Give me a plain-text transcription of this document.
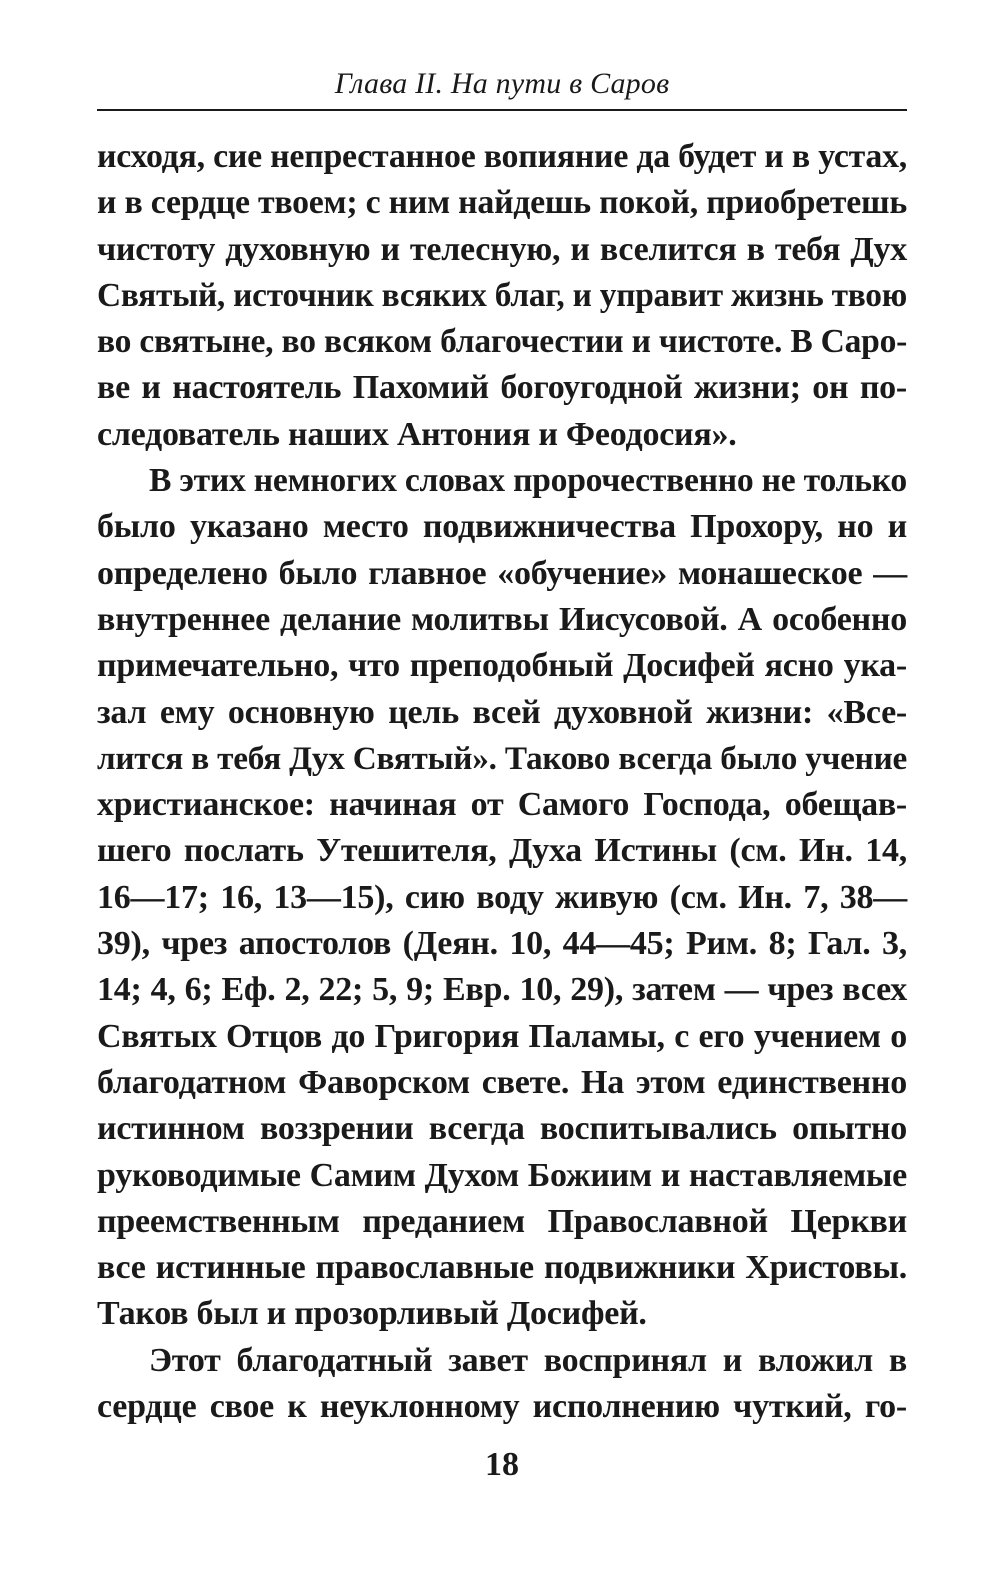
Глава II. На пути в Саров
исходя, сие непрестанное вопияние да будет и в устах,
и в сердце твоем; с ним найдешь покой, приобретешь
чистоту духовную и телесную, и вселится в тебя Дух
Святый, источник всяких благ, и управит жизнь твою
во святыне, во всяком благочестии и чистоте. В Саро-
ве и настоятель Пахомий богоугодной жизни; он по-
следователь наших Антония и Феодосия».
В этих немногих словах пророчественно не только
было указано место подвижничества Прохору, но и
определено было главное «обучение» монашеское —
внутреннее делание молитвы Иисусовой. А особенно
примечательно, что преподобный Досифей ясно ука-
зал ему основную цель всей духовной жизни: «Все-
лится в тебя Дух Святый». Таково всегда было учение
христианское: начиная от Самого Господа, обещав-
шего послать Утешителя, Духа Истины (см. Ин. 14,
16—17; 16, 13—15), сию воду живую (см. Ин. 7, 38—
39), чрез апостолов (Деян. 10, 44—45; Рим. 8; Гал. 3,
14; 4, 6; Еф. 2, 22; 5, 9; Евр. 10, 29), затем — чрез всех
Святых Отцов до Григория Паламы, с его учением о
благодатном Фаворском свете. На этом единственно
истинном воззрении всегда воспитывались опытно
руководимые Самим Духом Божиим и наставляемые
преемственным преданием Православной Церкви
все истинные православные подвижники Христовы.
Таков был и прозорливый Досифей.
Этот благодатный завет воспринял и вложил в
сердце свое к неуклонному исполнению чуткий, го-
18
